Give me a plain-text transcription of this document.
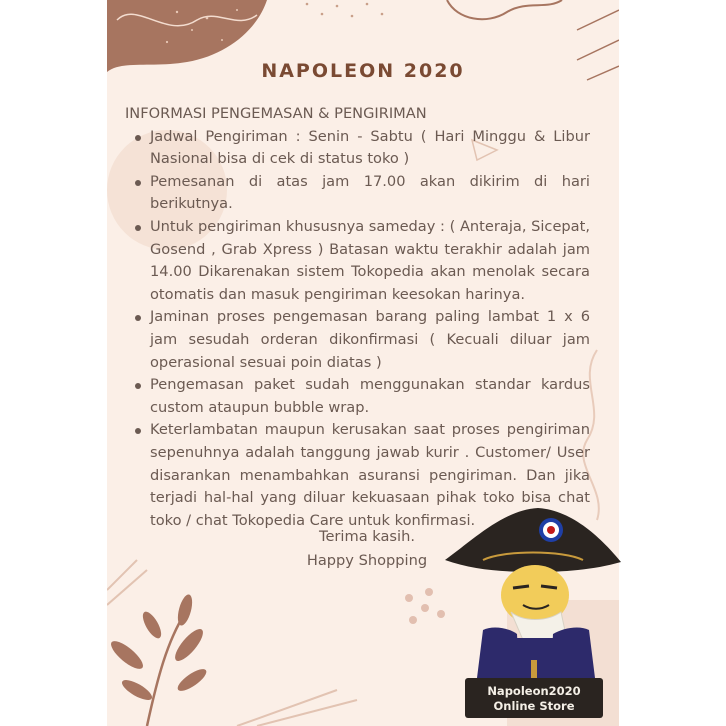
NAPOLEON 2020
INFORMASI PENGEMASAN & PENGIRIMAN
Jadwal Pengiriman : Senin - Sabtu ( Hari Minggu & Libur Nasional bisa di cek di status toko )
Pemesanan di atas jam 17.00 akan dikirim di hari berikutnya.
Untuk pengiriman khususnya sameday : ( Anteraja, Sicepat, Gosend , Grab Xpress ) Batasan waktu terakhir adalah jam 14.00 Dikarenakan sistem Tokopedia akan menolak secara otomatis dan masuk pengiriman keesokan harinya.
Jaminan proses pengemasan barang paling lambat 1 x 6 jam sesudah orderan dikonfirmasi ( Kecuali diluar jam operasional sesuai poin diatas )
Pengemasan paket sudah menggunakan standar kardus custom ataupun bubble wrap.
Keterlambatan maupun kerusakan saat proses pengiriman sepenuhnya adalah tanggung jawab kurir . Customer/ User disarankan menambahkan asuransi pengiriman. Dan jika terjadi hal-hal yang diluar kekuasaan pihak toko bisa chat toko / chat Tokopedia Care untuk konfirmasi.
Terima kasih.
Happy Shopping
Napoleon2020
Online Store
